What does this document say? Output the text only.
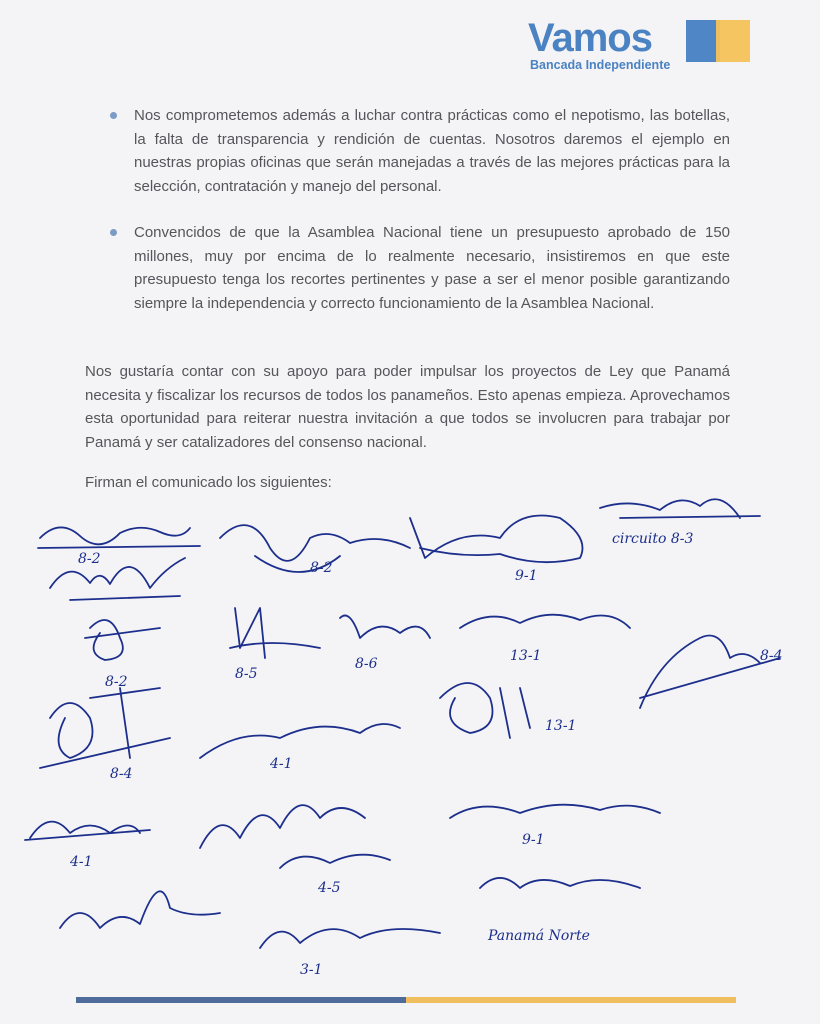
Vamos
Bancada Independiente

Nos comprometemos además a luchar contra prácticas como el nepotismo, las botellas, la falta de transparencia y rendición de cuentas. Nosotros daremos el ejemplo en nuestras propias oficinas que serán manejadas a través de las mejores prácticas para la selección, contratación y manejo del personal.

Convencidos de que la Asamblea Nacional tiene un presupuesto aprobado de 150 millones, muy por encima de lo realmente necesario, insistiremos en que este presupuesto tenga los recortes pertinentes y pase a ser el menor posible garantizando siempre la independencia y correcto funcionamiento de la Asamblea Nacional.

Nos gustaría contar con su apoyo para poder impulsar los proyectos de Ley que Panamá necesita y fiscalizar los recursos de todos los panameños. Esto apenas empieza. Aprovechamos esta oportunidad para reiterar nuestra invitación a que todos se involucren para trabajar por Panamá y ser catalizadores del consenso nacional.

Firman el comunicado los siguientes:

8-2
8-2	9-1
circuito 8-3
8-2	8-5
8-6	13-1	8-4
13-1
8-4
4-1
4-1
9-1
4-5
Panamá Norte
3-1
